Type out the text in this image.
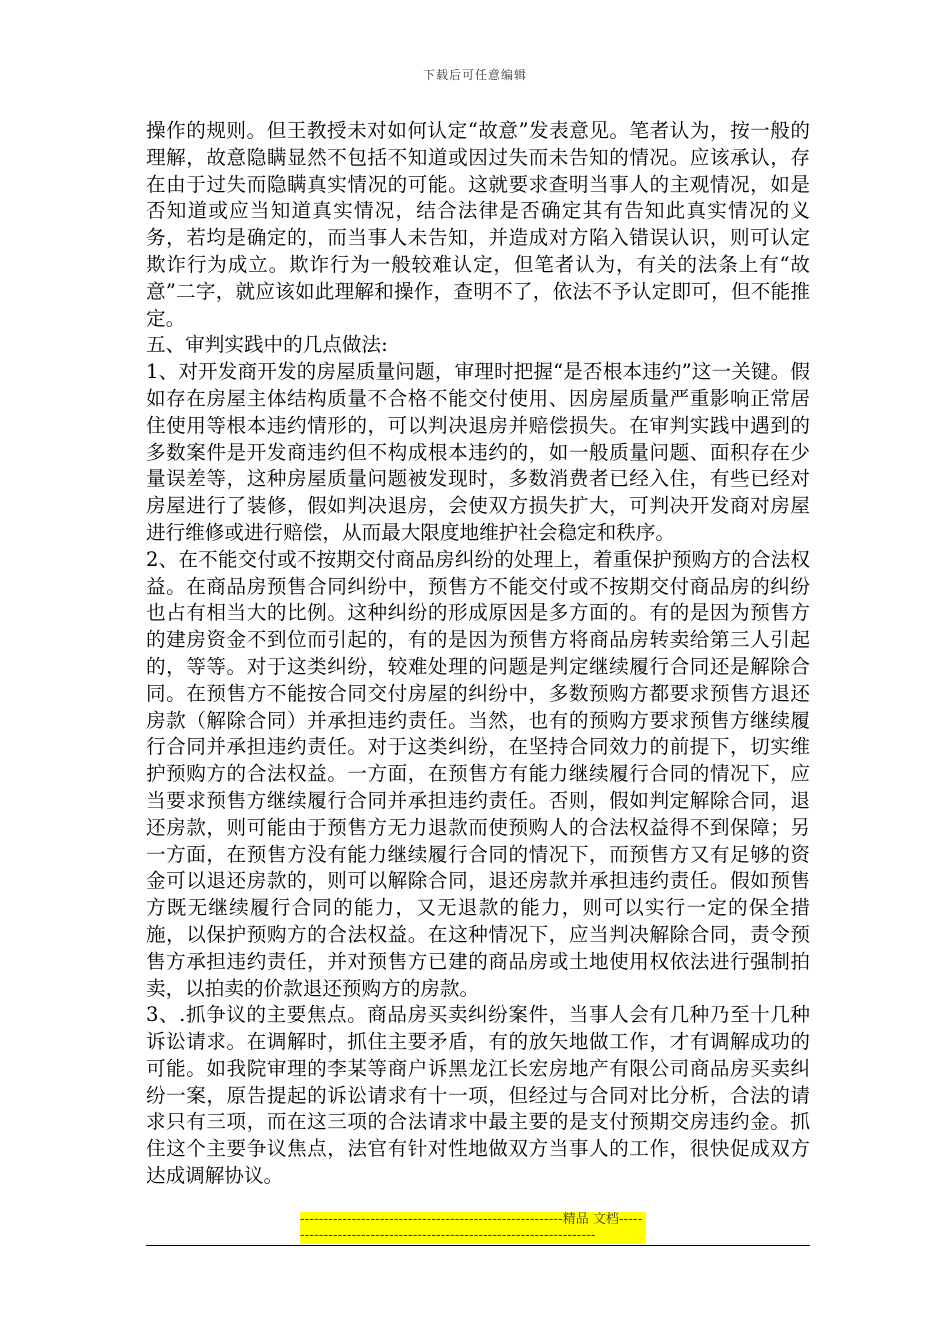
下载后可任意编辑

操作的规则。但王教授未对如何认定“故意”发表意见。笔者认为，按一般的理解，故意隐瞒显然不包括不知道或因过失而未告知的情况。应该承认，存在由于过失而隐瞒真实情况的可能。这就要求查明当事人的主观情况，如是否知道或应当知道真实情况，结合法律是否确定其有告知此真实情况的义务，若均是确定的，而当事人未告知，并造成对方陷入错误认识，则可认定欺诈行为成立。欺诈行为一般较难认定，但笔者认为，有关的法条上有“故意”二字，就应该如此理解和操作，查明不了，依法不予认定即可，但不能推定。

五、审判实践中的几点做法:

1、对开发商开发的房屋质量问题，审理时把握“是否根本违约”这一关键。假如存在房屋主体结构质量不合格不能交付使用、因房屋质量严重影响正常居住使用等根本违约情形的，可以判决退房并赔偿损失。在审判实践中遇到的多数案件是开发商违约但不构成根本违约的，如一般质量问题、面积存在少量误差等，这种房屋质量问题被发现时，多数消费者已经入住，有些已经对房屋进行了装修，假如判决退房，会使双方损失扩大，可判决开发商对房屋进行维修或进行赔偿，从而最大限度地维护社会稳定和秩序。

2、在不能交付或不按期交付商品房纠纷的处理上，着重保护预购方的合法权益。在商品房预售合同纠纷中，预售方不能交付或不按期交付商品房的纠纷也占有相当大的比例。这种纠纷的形成原因是多方面的。有的是因为预售方的建房资金不到位而引起的，有的是因为预售方将商品房转卖给第三人引起的，等等。对于这类纠纷，较难处理的问题是判定继续履行合同还是解除合同。在预售方不能按合同交付房屋的纠纷中，多数预购方都要求预售方退还房款（解除合同）并承担违约责任。当然，也有的预购方要求预售方继续履行合同并承担违约责任。对于这类纠纷，在坚持合同效力的前提下，切实维护预购方的合法权益。一方面，在预售方有能力继续履行合同的情况下，应当要求预售方继续履行合同并承担违约责任。否则，假如判定解除合同，退还房款，则可能由于预售方无力退款而使预购人的合法权益得不到保障；另一方面，在预售方没有能力继续履行合同的情况下，而预售方又有足够的资金可以退还房款的，则可以解除合同，退还房款并承担违约责任。假如预售方既无继续履行合同的能力，又无退款的能力，则可以实行一定的保全措施，以保护预购方的合法权益。在这种情况下，应当判决解除合同，责令预售方承担违约责任，并对预售方已建的商品房或土地使用权依法进行强制拍卖，以拍卖的价款退还预购方的房款。

3、.抓争议的主要焦点。商品房买卖纠纷案件，当事人会有几种乃至十几种诉讼请求。在调解时，抓住主要矛盾，有的放矢地做工作，才有调解成功的可能。如我院审理的李某等商户诉黑龙江长宏房地产有限公司商品房买卖纠纷一案，原告提起的诉讼请求有十一项，但经过与合同对比分析，合法的请求只有三项，而在这三项的合法请求中最主要的是支付预期交房违约金。抓住这个主要争议焦点，法官有针对性地做双方当事人的工作，很快促成双方达成调解协议。

--------------------------------------------------------精品 文档--------------------------------------------------------------------
